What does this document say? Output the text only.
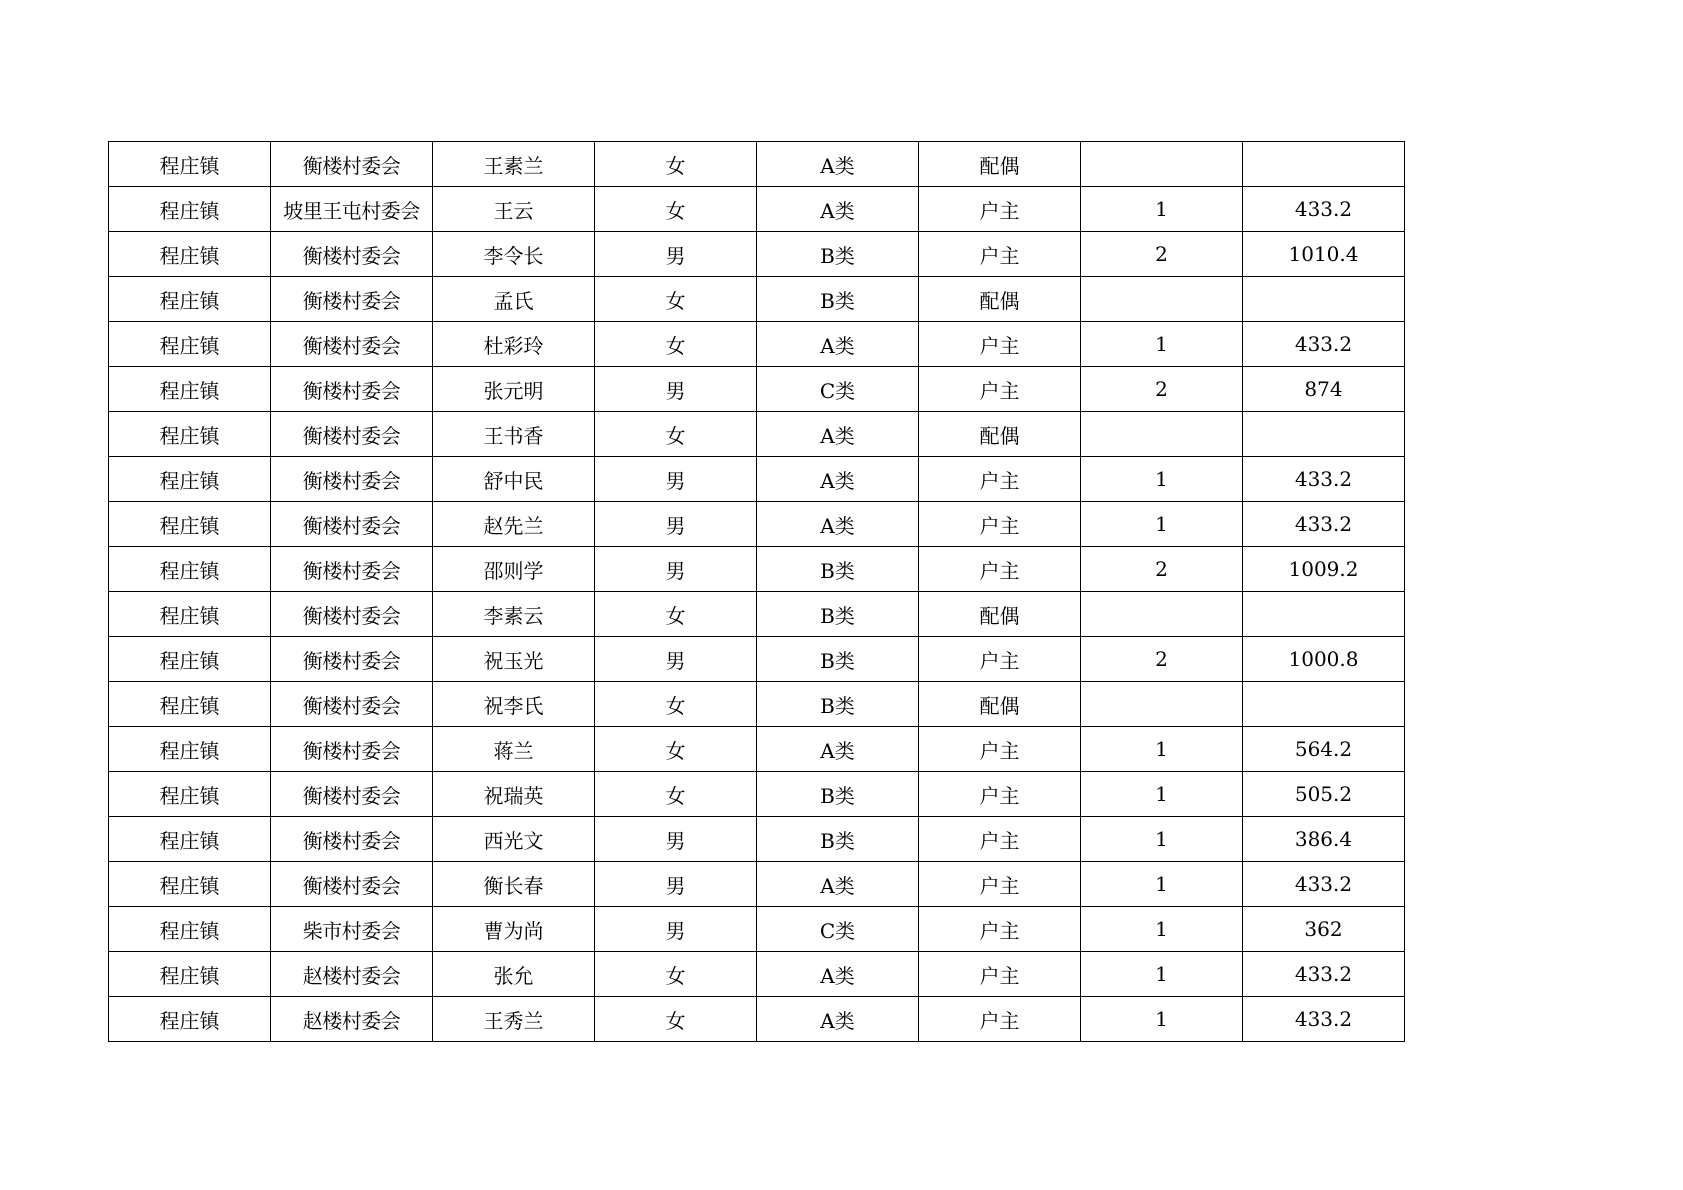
程庄镇	衡楼村委会	王素兰	女	A类	配偶		
程庄镇	坡里王屯村委会	王云	女	A类	户主	1	433.2
程庄镇	衡楼村委会	李令长	男	B类	户主	2	1010.4
程庄镇	衡楼村委会	孟氏	女	B类	配偶		
程庄镇	衡楼村委会	杜彩玲	女	A类	户主	1	433.2
程庄镇	衡楼村委会	张元明	男	C类	户主	2	874
程庄镇	衡楼村委会	王书香	女	A类	配偶		
程庄镇	衡楼村委会	舒中民	男	A类	户主	1	433.2
程庄镇	衡楼村委会	赵先兰	男	A类	户主	1	433.2
程庄镇	衡楼村委会	邵则学	男	B类	户主	2	1009.2
程庄镇	衡楼村委会	李素云	女	B类	配偶		
程庄镇	衡楼村委会	祝玉光	男	B类	户主	2	1000.8
程庄镇	衡楼村委会	祝李氏	女	B类	配偶		
程庄镇	衡楼村委会	蒋兰	女	A类	户主	1	564.2
程庄镇	衡楼村委会	祝瑞英	女	B类	户主	1	505.2
程庄镇	衡楼村委会	西光文	男	B类	户主	1	386.4
程庄镇	衡楼村委会	衡长春	男	A类	户主	1	433.2
程庄镇	柴市村委会	曹为尚	男	C类	户主	1	362
程庄镇	赵楼村委会	张允	女	A类	户主	1	433.2
程庄镇	赵楼村委会	王秀兰	女	A类	户主	1	433.2
